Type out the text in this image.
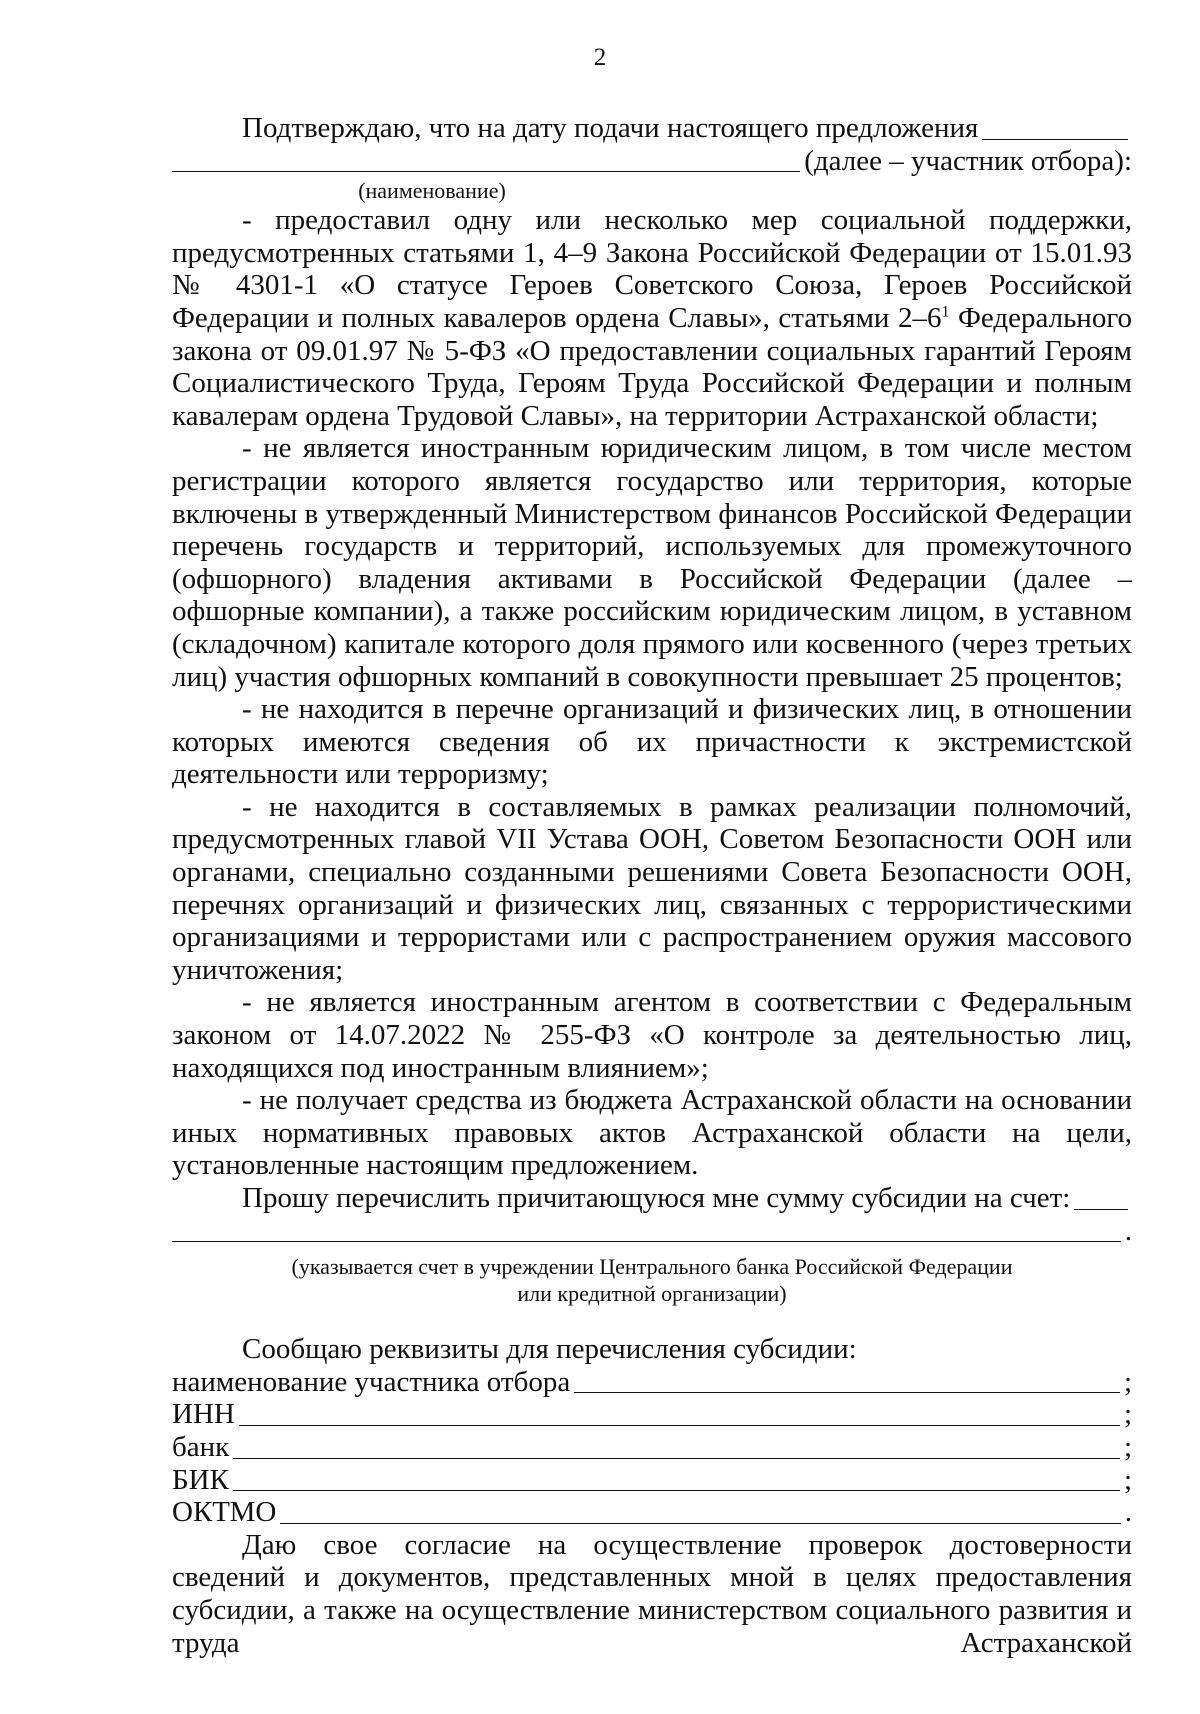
2
Подтверждаю, что на дату подачи настоящего предложения
(далее – участник отбора):
(наименование)

- предоставил одну или несколько мер социальной поддержки, предусмотренных статьями 1, 4–9 Закона Российской Федерации от 15.01.93 № 4301-1 «О статусе Героев Советского Союза, Героев Российской Федерации и полных кавалеров ордена Славы», статьями $2-6^1$ Федерального закона от 09.01.97 № 5-ФЗ «О предоставлении социальных гарантий Героям Социалистического Труда, Героям Труда Российской Федерации и полным кавалерам ордена Трудовой Славы», на территории Астраханской области;

- не является иностранным юридическим лицом, в том числе местом регистрации которого является государство или территория, которые включены в утвержденный Министерством финансов Российской Федерации перечень государств и территорий, используемых для промежуточного (офшорного) владения активами в Российской Федерации (далее – офшорные компании), а также российским юридическим лицом, в уставном (складочном) капитале которого доля прямого или косвенного (через третьих лиц) участия офшорных компаний в совокупности превышает 25 процентов;

- не находится в перечне организаций и физических лиц, в отношении которых имеются сведения об их причастности к экстремистской деятельности или терроризму;

- не находится в составляемых в рамках реализации полномочий, предусмотренных главой VII Устава ООН, Советом Безопасности ООН или органами, специально созданными решениями Совета Безопасности ООН, перечнях организаций и физических лиц, связанных с террористическими организациями и террористами или с распространением оружия массового уничтожения;

- не является иностранным агентом в соответствии с Федеральным законом от 14.07.2022 № 255-ФЗ «О контроле за деятельностью лиц, находящихся под иностранным влиянием»;

- не получает средства из бюджета Астраханской области на основании иных нормативных правовых актов Астраханской области на цели, установленные настоящим предложением.

Прошу перечислить причитающуюся мне сумму субсидии на счет:
.
(указывается счет в учреждении Центрального банка Российской Федерации
или кредитной организации)
Сообщаю реквизиты для перечисления субсидии:
наименование участника отбора	;
ИНН	;
банк	;
БИК	;
ОКТМО	.

Даю свое согласие на осуществление проверок достоверности сведений и документов, представленных мной в целях предоставления субсидии, а также на осуществление министерством социального развития и труда Астраханской
